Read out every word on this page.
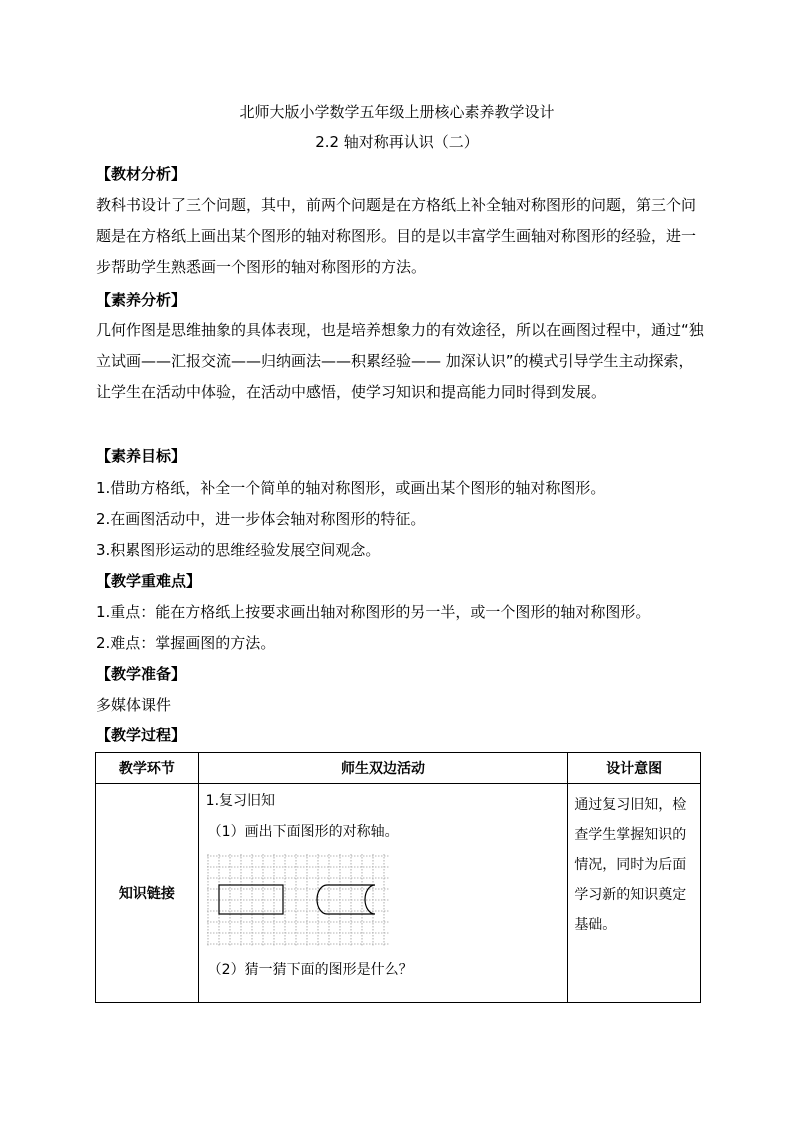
北师大版小学数学五年级上册核心素养教学设计
2.2 轴对称再认识（二）
【教材分析】
教科书设计了三个问题，其中，前两个问题是在方格纸上补全轴对称图形的问题，第三个问题是在方格纸上画出某个图形的轴对称图形。目的是以丰富学生画轴对称图形的经验，进一步帮助学生熟悉画一个图形的轴对称图形的方法。
【素养分析】
几何作图是思维抽象的具体表现，也是培养想象力的有效途径，所以在画图过程中，通过“独立试画——汇报交流——归纳画法——积累经验—— 加深认识”的模式引导学生主动探索，让学生在活动中体验，在活动中感悟，使学习知识和提高能力同时得到发展。
【素养目标】
1.借助方格纸，补全一个简单的轴对称图形，或画出某个图形的轴对称图形。
2.在画图活动中，进一步体会轴对称图形的特征。
3.积累图形运动的思维经验发展空间观念。
【教学重难点】
1.重点：能在方格纸上按要求画出轴对称图形的另一半，或一个图形的轴对称图形。
2.难点：掌握画图的方法。
【教学准备】
多媒体课件
【教学过程】
教学环节	师生双边活动	设计意图
知识链接	1.复习旧知
（1）画出下面图形的对称轴。
（2）猜一猜下面的图形是什么？	通过复习旧知，检查学生掌握知识的情况，同时为后面学习新的知识奠定基础。
